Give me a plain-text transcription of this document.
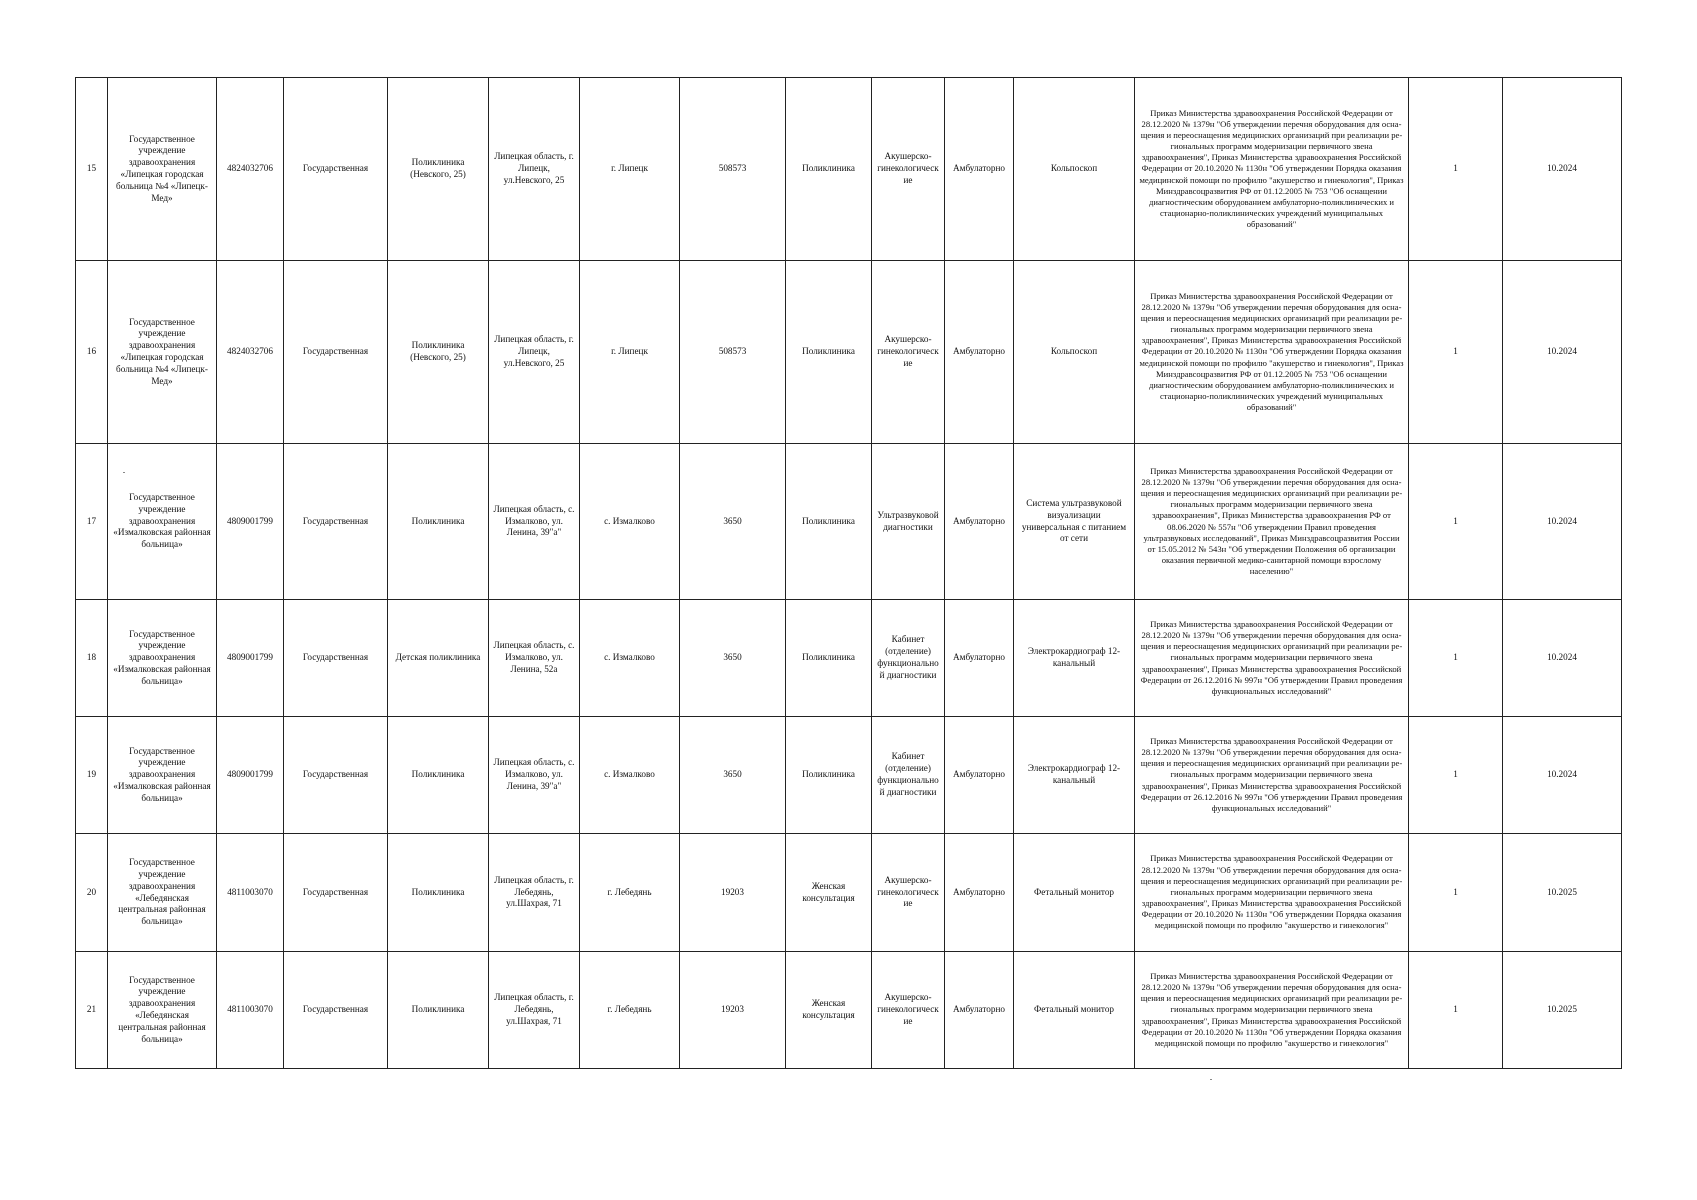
15	Государственное учреждение здравоохранения «Липецкая городская больница №4 «Липецк-Мед»	4824032706	Государственная	Поликлиника (Невского, 25)	Липецкая область, г. Липецк, ул.Невского, 25	г. Липецк	508573	Поликлиника	Акушерско-гинекологические	Амбулаторно	Кольпоскоп	Приказ Министерства здравоохранения Российской Федерации от 28.12.2020 № 1379н "Об утверждении перечня оборудования для осна-щения и переоснащения медицинских организаций при реализации ре-гиональных программ модернизации первичного звена здравоохранения", Приказ Министерства здравоохранения Российской Федерации от 20.10.2020 № 1130н "Об утверждении Порядка оказания медицинской помощи по профилю "акушерство и гинекология", Приказ Минздравсоцразвития РФ от 01.12.2005 № 753 "Об оснащении диагностическим оборудованием амбулаторно-поликлинических и стационарно-поликлинических учреждений муниципальных образований"	1	10.2024
16	Государственное учреждение здравоохранения «Липецкая городская больница №4 «Липецк-Мед»	4824032706	Государственная	Поликлиника (Невского, 25)	Липецкая область, г. Липецк, ул.Невского, 25	г. Липецк	508573	Поликлиника	Акушерско-гинекологические	Амбулаторно	Кольпоскоп	Приказ Министерства здравоохранения Российской Федерации от 28.12.2020 № 1379н "Об утверждении перечня оборудования для осна-щения и переоснащения медицинских организаций при реализации ре-гиональных программ модернизации первичного звена здравоохранения", Приказ Министерства здравоохранения Российской Федерации от 20.10.2020 № 1130н "Об утверждении Порядка оказания медицинской помощи по профилю "акушерство и гинекология", Приказ Минздравсоцразвития РФ от 01.12.2005 № 753 "Об оснащении диагностическим оборудованием амбулаторно-поликлинических и стационарно-поликлинических учреждений муниципальных образований"	1	10.2024
17	Государственное учреждение здравоохранения «Измалковская районная больница»	4809001799	Государственная	Поликлиника	Липецкая область, с. Измалково, ул. Ленина, 39"а"	с. Измалково	3650	Поликлиника	Ультразвуковой диагностики	Амбулаторно	Система ультразвуковой визуализации универсальная с питанием от сети	Приказ Министерства здравоохранения Российской Федерации от 28.12.2020 № 1379н "Об утверждении перечня оборудования для осна-щения и переоснащения медицинских организаций при реализации ре-гиональных программ модернизации первичного звена здравоохранения", Приказ Министерства здравоохранения РФ от 08.06.2020 № 557н "Об утверждении Правил проведения ультразвуковых исследований", Приказ Минздравсоцразвития России от 15.05.2012 № 543н "Об утверждении Положения об организации оказания первичной медико-санитарной помощи взрослому населению"	1	10.2024
18	Государственное учреждение здравоохранения «Измалковская районная больница»	4809001799	Государственная	Детская поликлиника	Липецкая область, с. Измалково, ул. Ленина, 52а	с. Измалково	3650	Поликлиника	Кабинет (отделение) функциональной диагностики	Амбулаторно	Электрокардиограф 12-канальный	Приказ Министерства здравоохранения Российской Федерации от 28.12.2020 № 1379н "Об утверждении перечня оборудования для осна-щения и переоснащения медицинских организаций при реализации ре-гиональных программ модернизации первичного звена здравоохранения", Приказ Министерства здравоохранения Российской Федерации от 26.12.2016 № 997н "Об утверждении Правил проведения функциональных исследований"	1	10.2024
19	Государственное учреждение здравоохранения «Измалковская районная больница»	4809001799	Государственная	Поликлиника	Липецкая область, с. Измалково, ул. Ленина, 39"а"	с. Измалково	3650	Поликлиника	Кабинет (отделение) функциональной диагностики	Амбулаторно	Электрокардиограф 12-канальный	Приказ Министерства здравоохранения Российской Федерации от 28.12.2020 № 1379н "Об утверждении перечня оборудования для осна-щения и переоснащения медицинских организаций при реализации ре-гиональных программ модернизации первичного звена здравоохранения", Приказ Министерства здравоохранения Российской Федерации от 26.12.2016 № 997н "Об утверждении Правил проведения функциональных исследований"	1	10.2024
20	Государственное учреждение здравоохранения «Лебедянская центральная районная больница»	4811003070	Государственная	Поликлиника	Липецкая область, г. Лебедянь, ул.Шахрая, 71	г. Лебедянь	19203	Женская консультация	Акушерско-гинекологические	Амбулаторно	Фетальный монитор	Приказ Министерства здравоохранения Российской Федерации от 28.12.2020 № 1379н "Об утверждении перечня оборудования для осна-щения и переоснащения медицинских организаций при реализации ре-гиональных программ модернизации первичного звена здравоохранения", Приказ Министерства здравоохранения Российской Федерации от 20.10.2020 № 1130н "Об утверждении Порядка оказания медицинской помощи по профилю "акушерство и гинекология"	1	10.2025
21	Государственное учреждение здравоохранения «Лебедянская центральная районная больница»	4811003070	Государственная	Поликлиника	Липецкая область, г. Лебедянь, ул.Шахрая, 71	г. Лебедянь	19203	Женская консультация	Акушерско-гинекологические	Амбулаторно	Фетальный монитор	Приказ Министерства здравоохранения Российской Федерации от 28.12.2020 № 1379н "Об утверждении перечня оборудования для осна-щения и переоснащения медицинских организаций при реализации ре-гиональных программ модернизации первичного звена здравоохранения", Приказ Министерства здравоохранения Российской Федерации от 20.10.2020 № 1130н "Об утверждении Порядка оказания медицинской помощи по профилю "акушерство и гинекология"	1	10.2025
